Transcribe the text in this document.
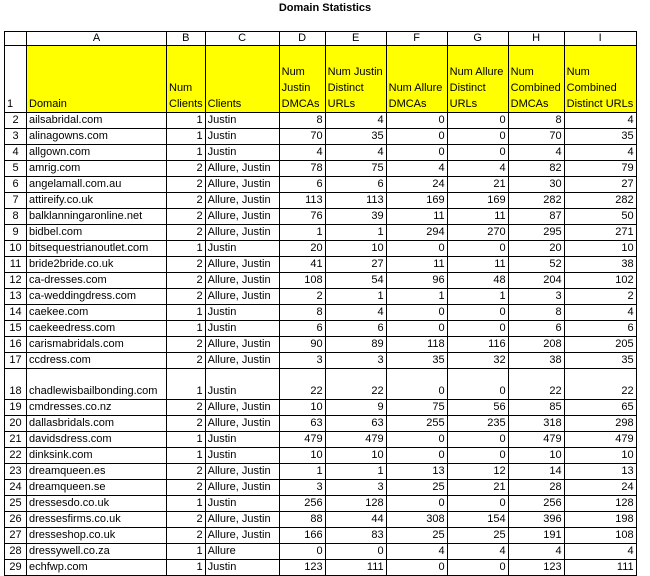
Domain Statistics
	A	B	C	D	E	F	G	H	I
1	Domain	Num Clients	Clients	Num Justin DMCAs	Num Justin Distinct URLs	Num Allure DMCAs	Num Allure Distinct URLs	Num Combined DMCAs	Num Combined Distinct URLs
2	ailsabridal.com	1	Justin	8	4	0	0	8	4
3	alinagowns.com	1	Justin	70	35	0	0	70	35
4	allgown.com	1	Justin	4	4	0	0	4	4
5	amrig.com	2	Allure, Justin	78	75	4	4	82	79
6	angelamall.com.au	2	Allure, Justin	6	6	24	21	30	27
7	attireify.co.uk	2	Allure, Justin	113	113	169	169	282	282
8	balklanningaronline.net	2	Allure, Justin	76	39	11	11	87	50
9	bidbel.com	2	Allure, Justin	1	1	294	270	295	271
10	bitsequestrianoutlet.com	1	Justin	20	10	0	0	20	10
11	bride2bride.co.uk	2	Allure, Justin	41	27	11	11	52	38
12	ca-dresses.com	2	Allure, Justin	108	54	96	48	204	102
13	ca-weddingdress.com	2	Allure, Justin	2	1	1	1	3	2
14	caekee.com	1	Justin	8	4	0	0	8	4
15	caekeedress.com	1	Justin	6	6	0	0	6	6
16	carismabridals.com	2	Allure, Justin	90	89	118	116	208	205
17	ccdress.com	2	Allure, Justin	3	3	35	32	38	35
18	chadlewisbailbonding.com	1	Justin	22	22	0	0	22	22
19	cmdresses.co.nz	2	Allure, Justin	10	9	75	56	85	65
20	dallasbridals.com	2	Allure, Justin	63	63	255	235	318	298
21	davidsdress.com	1	Justin	479	479	0	0	479	479
22	dinksink.com	1	Justin	10	10	0	0	10	10
23	dreamqueen.es	2	Allure, Justin	1	1	13	12	14	13
24	dreamqueen.se	2	Allure, Justin	3	3	25	21	28	24
25	dressesdo.co.uk	1	Justin	256	128	0	0	256	128
26	dressesfirms.co.uk	2	Allure, Justin	88	44	308	154	396	198
27	dresseshop.co.uk	2	Allure, Justin	166	83	25	25	191	108
28	dressywell.co.za	1	Allure	0	0	4	4	4	4
29	echfwp.com	1	Justin	123	111	0	0	123	111
